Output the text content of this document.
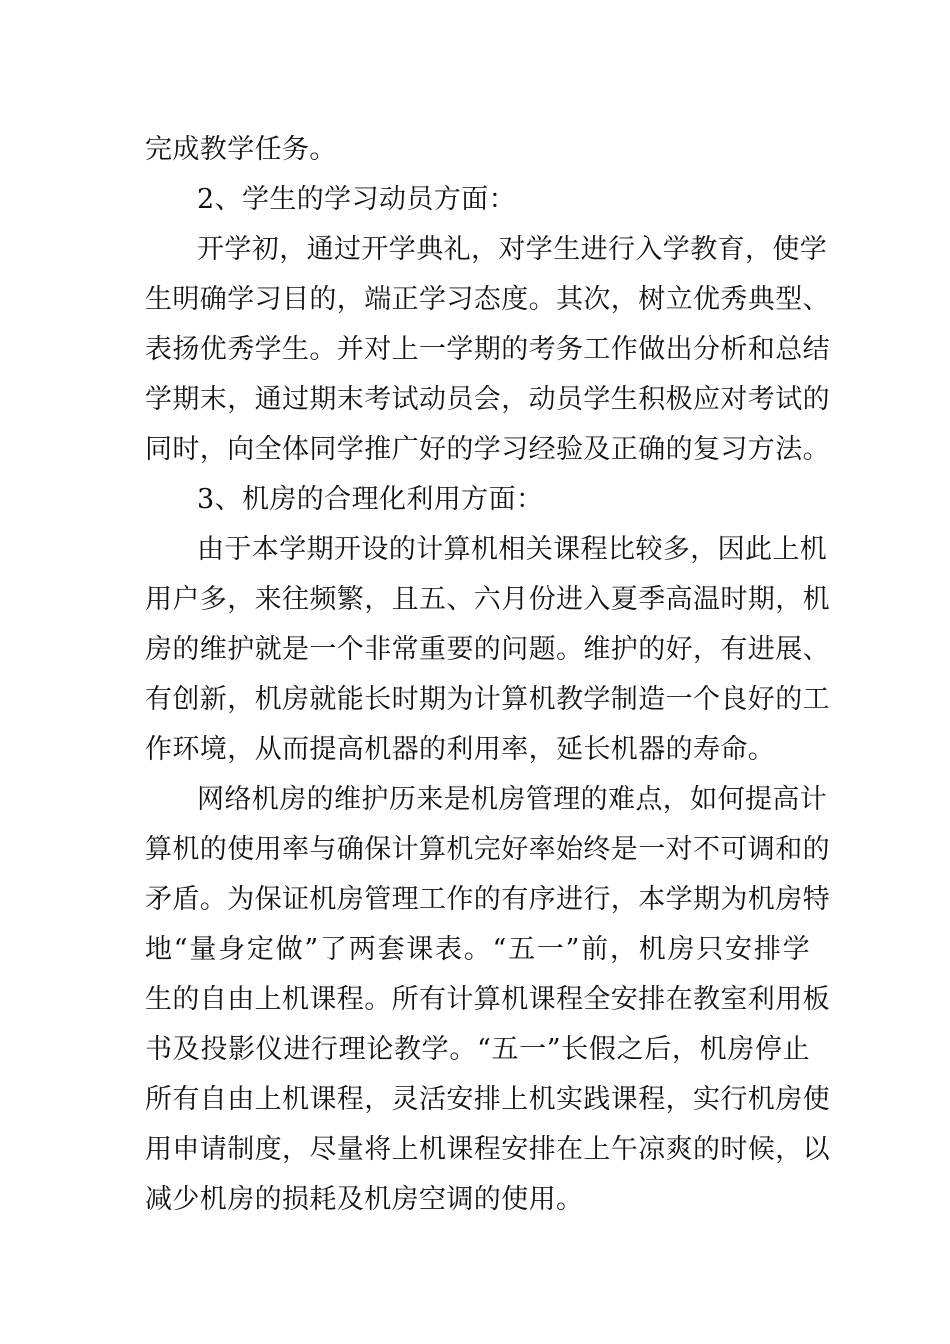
完成教学任务。
2、学生的学习动员方面：
开学初，通过开学典礼，对学生进行入学教育，使学
生明确学习目的，端正学习态度。其次，树立优秀典型、
表扬优秀学生。并对上一学期的考务工作做出分析和总结
学期末，通过期末考试动员会，动员学生积极应对考试的
同时，向全体同学推广好的学习经验及正确的复习方法。
3、机房的合理化利用方面：
由于本学期开设的计算机相关课程比较多，因此上机
用户多，来往频繁，且五、六月份进入夏季高温时期，机
房的维护就是一个非常重要的问题。维护的好，有进展、
有创新，机房就能长时期为计算机教学制造一个良好的工
作环境，从而提高机器的利用率，延长机器的寿命。
网络机房的维护历来是机房管理的难点，如何提高计
算机的使用率与确保计算机完好率始终是一对不可调和的
矛盾。为保证机房管理工作的有序进行，本学期为机房特
地“量身定做”了两套课表。“五一”前，机房只安排学
生的自由上机课程。所有计算机课程全安排在教室利用板
书及投影仪进行理论教学。“五一”长假之后，机房停止
所有自由上机课程，灵活安排上机实践课程，实行机房使
用申请制度，尽量将上机课程安排在上午凉爽的时候，以
减少机房的损耗及机房空调的使用。
